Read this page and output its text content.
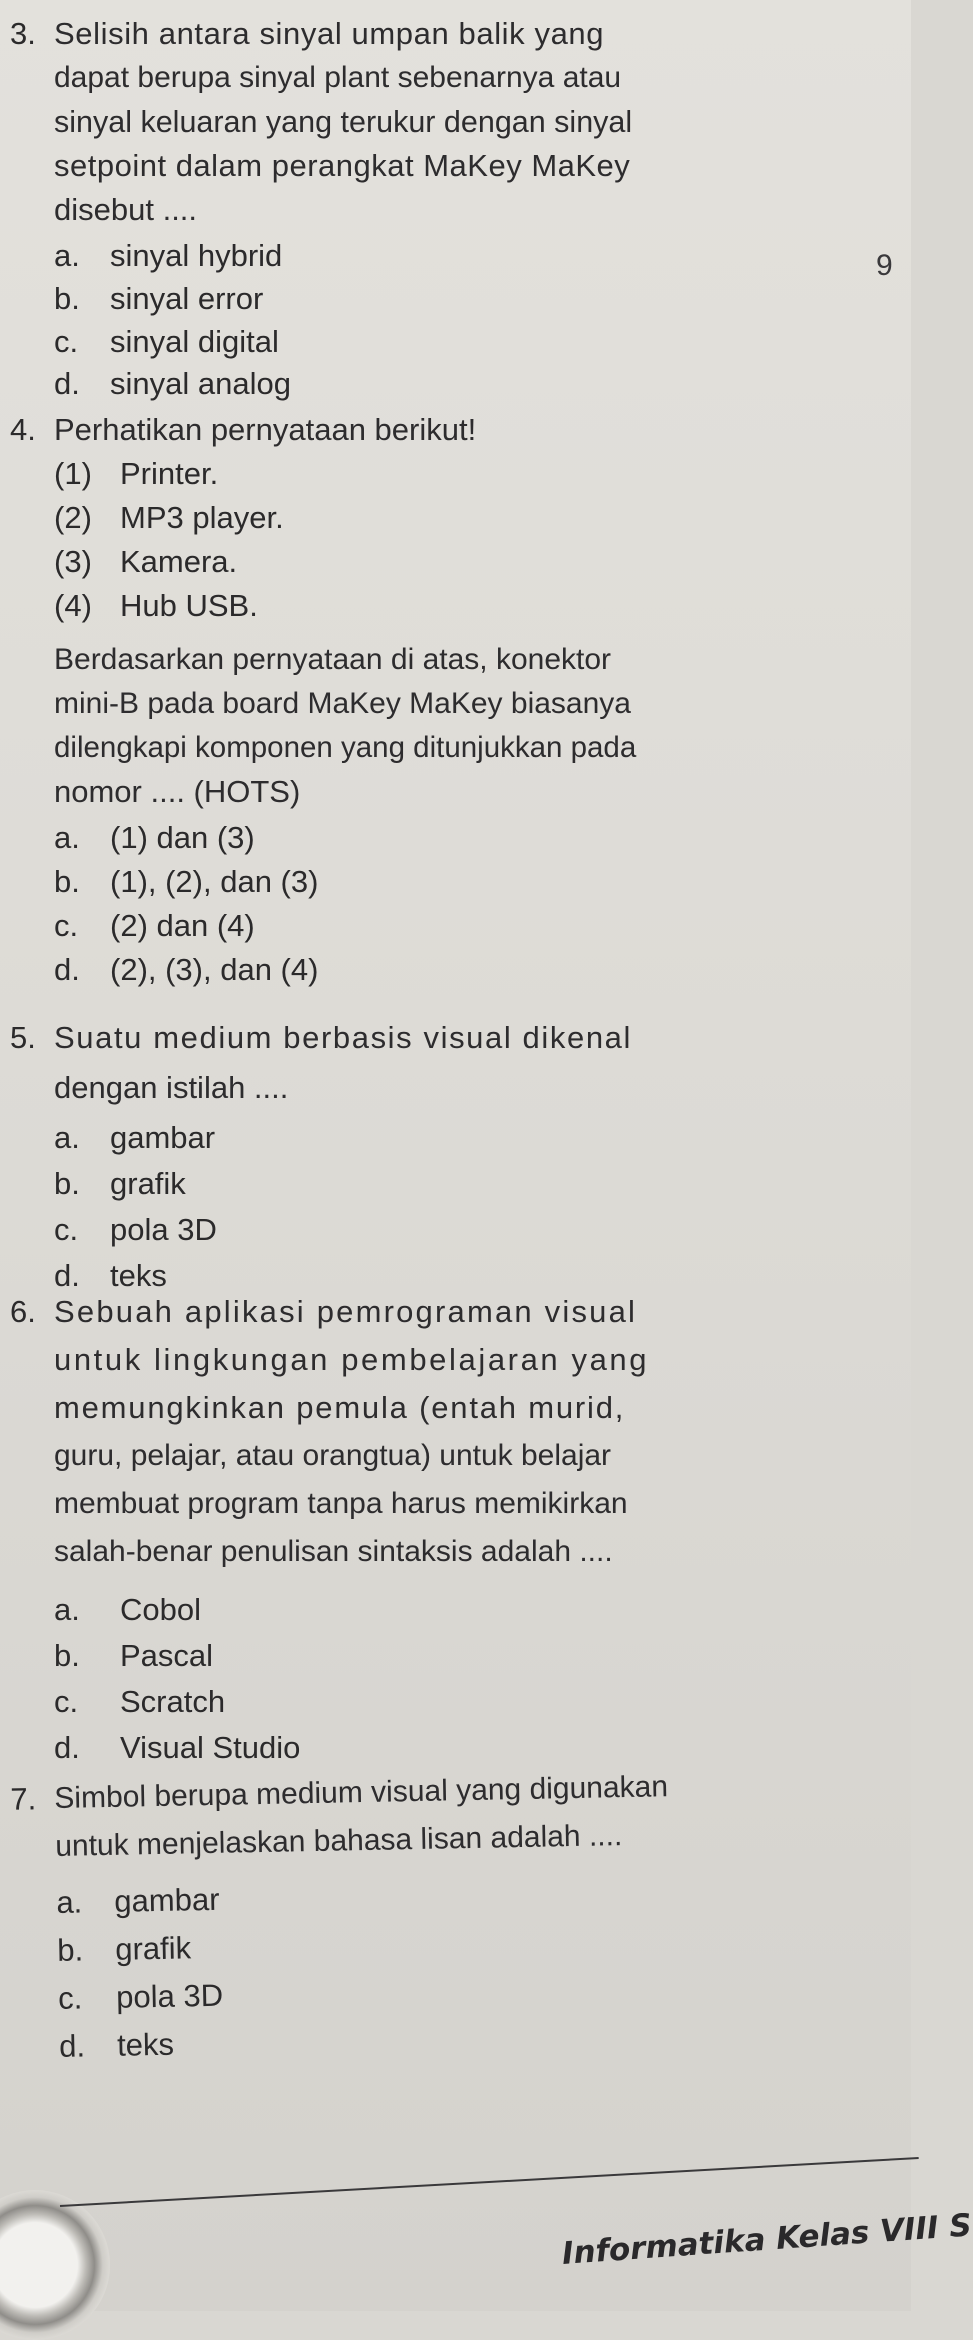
3. Selisih antara sinyal umpan balik yang
dapat berupa sinyal plant sebenarnya atau
sinyal keluaran yang terukur dengan sinyal
setpoint dalam perangkat MaKey MaKey
disebut ....
a. sinyal hybrid
b. sinyal error
c. sinyal digital
d. sinyal analog
9
4. Perhatikan pernyataan berikut!
(1) Printer.
(2) MP3 player.
(3) Kamera.
(4) Hub USB.
Berdasarkan pernyataan di atas, konektor
mini-B pada board MaKey MaKey biasanya
dilengkapi komponen yang ditunjukkan pada
nomor .... (HOTS)
a. (1) dan (3)
b. (1), (2), dan (3)
c. (2) dan (4)
d. (2), (3), dan (4)
5. Suatu medium berbasis visual dikenal
dengan istilah ....
a. gambar
b. grafik
c. pola 3D
d. teks
6. Sebuah aplikasi pemrograman visual
untuk lingkungan pembelajaran yang
memungkinkan pemula (entah murid,
guru, pelajar, atau orangtua) untuk belajar
membuat program tanpa harus memikirkan
salah-benar penulisan sintaksis adalah ....
a. Cobol
b. Pascal
c. Scratch
d. Visual Studio
7. Simbol berupa medium visual yang digunakan
untuk menjelaskan bahasa lisan adalah ....
a. gambar
b. grafik
c. pola 3D
d. teks
Informatika Kelas VIII S
